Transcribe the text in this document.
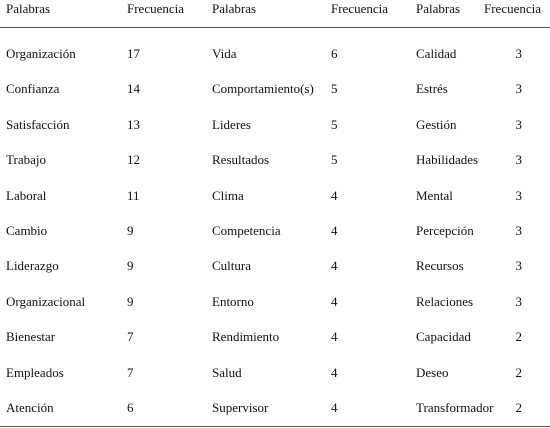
Palabras	Frecuencia Palabras	Frecuencia Palabras Frecuencia
Organización	17	Vida	6	Calidad	3
Confianza	14	Comportamiento(s) 5	Estrés	3
Satisfacción	13	Lideres	5	Gestión	3
Trabajo	12	Resultados	5	Habilidades	3
Laboral	11	Clima	4	Mental	3
Cambio	9	Competencia	4	Percepción	3
Liderazgo	9	Cultura	4	Recursos	3
Organizacional	9	Entorno	4	Relaciones	3
Bienestar	7	Rendimiento	4	Capacidad	2
Empleados	7	Salud	4	Deseo	2
Atención	6	Supervisor	4	Transformador	2
